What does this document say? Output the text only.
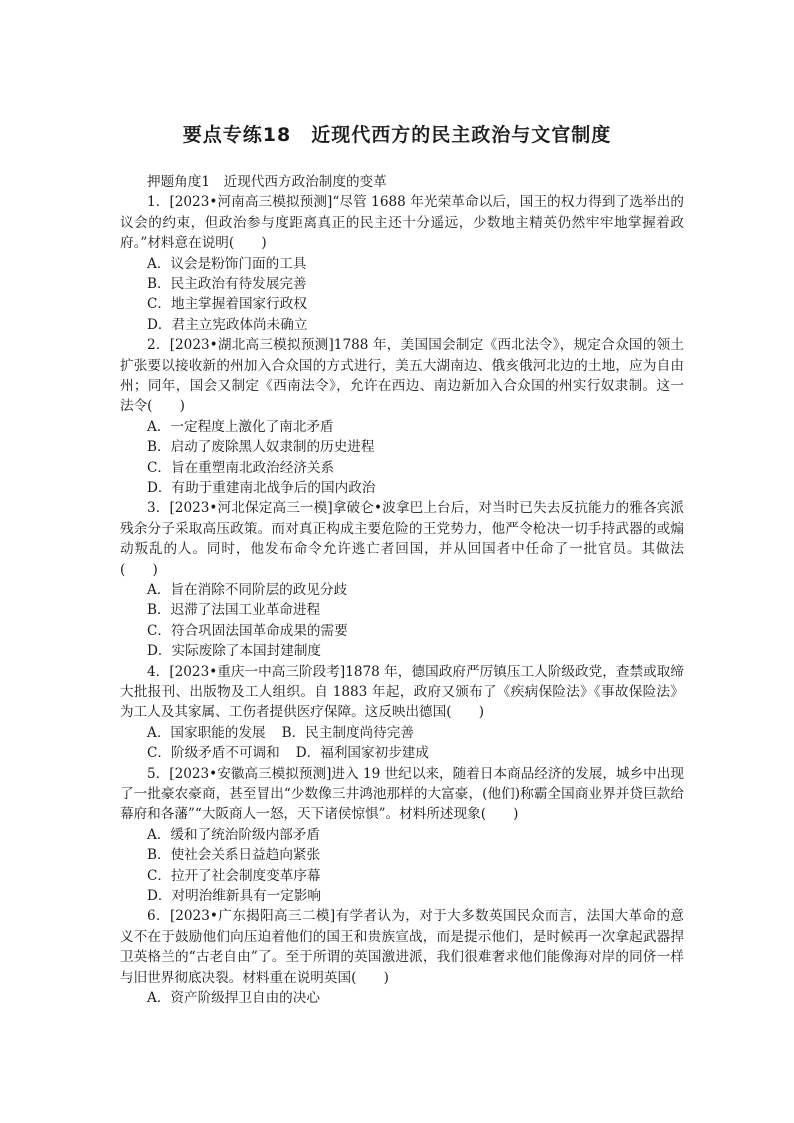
要点专练18　近现代西方的民主政治与文官制度
押题角度1　近现代西方政治制度的变革
1．[2023•河南高三模拟预测]“尽管 1688 年光荣革命以后，国王的权力得到了选举出的议会的约束，但政治参与度距离真正的民主还十分遥远，少数地主精英仍然牢牢地掌握着政府。”材料意在说明(　　)
A．议会是粉饰门面的工具
B．民主政治有待发展完善
C．地主掌握着国家行政权
D．君主立宪政体尚未确立
2．[2023•湖北高三模拟预测]1788 年，美国国会制定《西北法令》，规定合众国的领土扩张要以接收新的州加入合众国的方式进行，美五大湖南边、俄亥俄河北边的土地，应为自由州；同年，国会又制定《西南法令》，允许在西边、南边新加入合众国的州实行奴隶制。这一法令(　　)
A．一定程度上激化了南北矛盾
B．启动了废除黑人奴隶制的历史进程
C．旨在重塑南北政治经济关系
D．有助于重建南北战争后的国内政治
3．[2023•河北保定高三一模]拿破仑•波拿巴上台后，对当时已失去反抗能力的雅各宾派残余分子采取高压政策。而对真正构成主要危险的王党势力，他严令枪决一切手持武器的或煽动叛乱的人。同时，他发布命令允许逃亡者回国，并从回国者中任命了一批官员。其做法(　　)
A．旨在消除不同阶层的政见分歧
B．迟滞了法国工业革命进程
C．符合巩固法国革命成果的需要
D．实际废除了本国封建制度
4．[2023•重庆一中高三阶段考]1878 年，德国政府严厉镇压工人阶级政党，查禁或取缔大批报刊、出版物及工人组织。自 1883 年起，政府又颁布了《疾病保险法》《事故保险法》为工人及其家属、工伤者提供医疗保障。这反映出德国(　　)
A．国家职能的发展 B．民主制度尚待完善
C．阶级矛盾不可调和 D．福利国家初步建成
5．[2023•安徽高三模拟预测]进入 19 世纪以来，随着日本商品经济的发展，城乡中出现了一批豪农豪商，甚至冒出“少数像三井鸿池那样的大富豪，(他们)称霸全国商业界并贷巨款给幕府和各藩”“大阪商人一怒，天下诸侯惊惧”。材料所述现象(　　)
A．缓和了统治阶级内部矛盾
B．使社会关系日益趋向紧张
C．拉开了社会制度变革序幕
D．对明治维新具有一定影响
6．[2023•广东揭阳高三二模]有学者认为，对于大多数英国民众而言，法国大革命的意义不在于鼓励他们向压迫着他们的国王和贵族宣战，而是提示他们，是时候再一次拿起武器捍卫英格兰的“古老自由”了。至于所谓的英国激进派，我们很难奢求他们能像海对岸的同侪一样与旧世界彻底决裂。材料重在说明英国(　　)
A．资产阶级捍卫自由的决心
